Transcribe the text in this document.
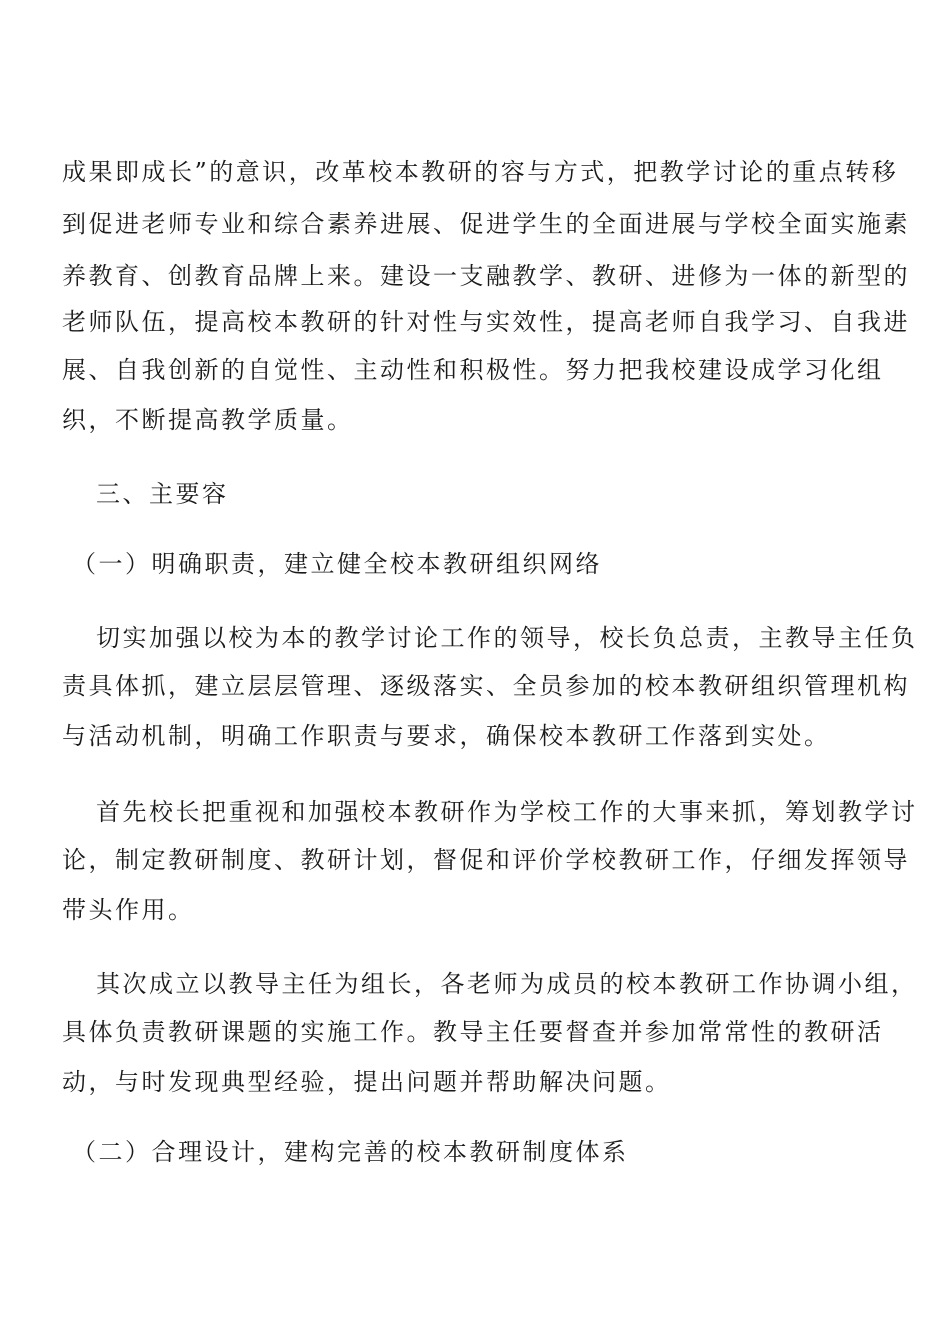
成果即成长”的意识，改革校本教研的容与方式，把教学讨论的重点转移
到促进老师专业和综合素养进展、促进学生的全面进展与学校全面实施素
养教育、创教育品牌上来。建设一支融教学、教研、进修为一体的新型的
老师队伍，提高校本教研的针对性与实效性，提高老师自我学习、自我进
展、自我创新的自觉性、主动性和积极性。努力把我校建设成学习化组
织，不断提高教学质量。
三、主要容
（一）明确职责，建立健全校本教研组织网络
切实加强以校为本的教学讨论工作的领导，校长负总责，主教导主任负
责具体抓，建立层层管理、逐级落实、全员参加的校本教研组织管理机构
与活动机制，明确工作职责与要求，确保校本教研工作落到实处。
首先校长把重视和加强校本教研作为学校工作的大事来抓，筹划教学讨
论，制定教研制度、教研计划，督促和评价学校教研工作，仔细发挥领导
带头作用。
其次成立以教导主任为组长，各老师为成员的校本教研工作协调小组，
具体负责教研课题的实施工作。教导主任要督查并参加常常性的教研活
动，与时发现典型经验，提出问题并帮助解决问题。
（二）合理设计，建构完善的校本教研制度体系
